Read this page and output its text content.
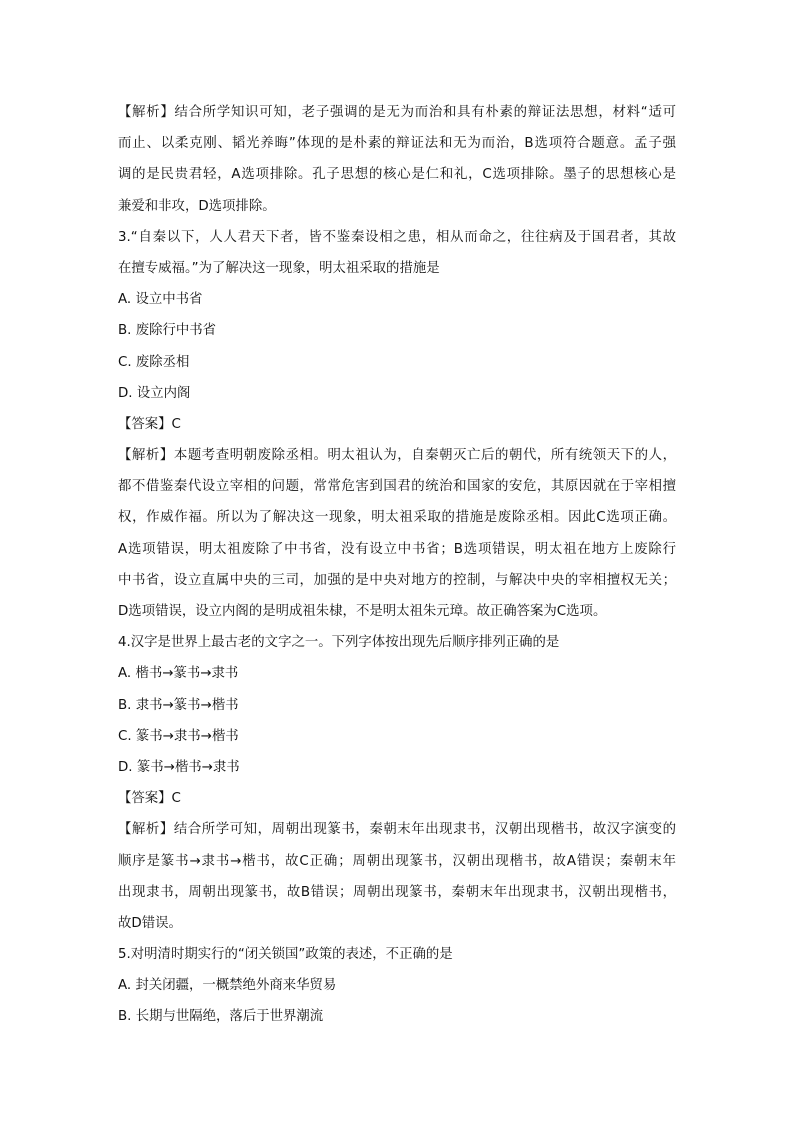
【解析】结合所学知识可知，老子强调的是无为而治和具有朴素的辩证法思想，材料“适可
而止、以柔克刚、韬光养晦”体现的是朴素的辩证法和无为而治，B选项符合题意。孟子强
调的是民贵君轻，A选项排除。孔子思想的核心是仁和礼，C选项排除。墨子的思想核心是
兼爱和非攻，D选项排除。
3.“自秦以下，人人君天下者，皆不鉴秦设相之患，相从而命之，往往病及于国君者，其故
在擅专威福。”为了解决这一现象，明太祖采取的措施是
A. 设立中书省
B. 废除行中书省
C. 废除丞相
D. 设立内阁
【答案】C
【解析】本题考查明朝废除丞相。明太祖认为，自秦朝灭亡后的朝代，所有统领天下的人，
都不借鉴秦代设立宰相的问题，常常危害到国君的统治和国家的安危，其原因就在于宰相擅
权，作威作福。所以为了解决这一现象，明太祖采取的措施是废除丞相。因此C选项正确。
A选项错误，明太祖废除了中书省，没有设立中书省；B选项错误，明太祖在地方上废除行
中书省，设立直属中央的三司，加强的是中央对地方的控制，与解决中央的宰相擅权无关；
D选项错误，设立内阁的是明成祖朱棣，不是明太祖朱元璋。故正确答案为C选项。
4.汉字是世界上最古老的文字之一。下列字体按出现先后顺序排列正确的是
A. 楷书→篆书→隶书
B. 隶书→篆书→楷书
C. 篆书→隶书→楷书
D. 篆书→楷书→隶书
【答案】C
【解析】结合所学可知，周朝出现篆书，秦朝末年出现隶书，汉朝出现楷书，故汉字演变的
顺序是篆书→隶书→楷书，故C正确；周朝出现篆书，汉朝出现楷书，故A错误；秦朝末年
出现隶书，周朝出现篆书，故B错误；周朝出现篆书，秦朝末年出现隶书，汉朝出现楷书，
故D错误。
5.对明清时期实行的“闭关锁国”政策的表述，不正确的是
A. 封关闭疆，一概禁绝外商来华贸易
B. 长期与世隔绝，落后于世界潮流
